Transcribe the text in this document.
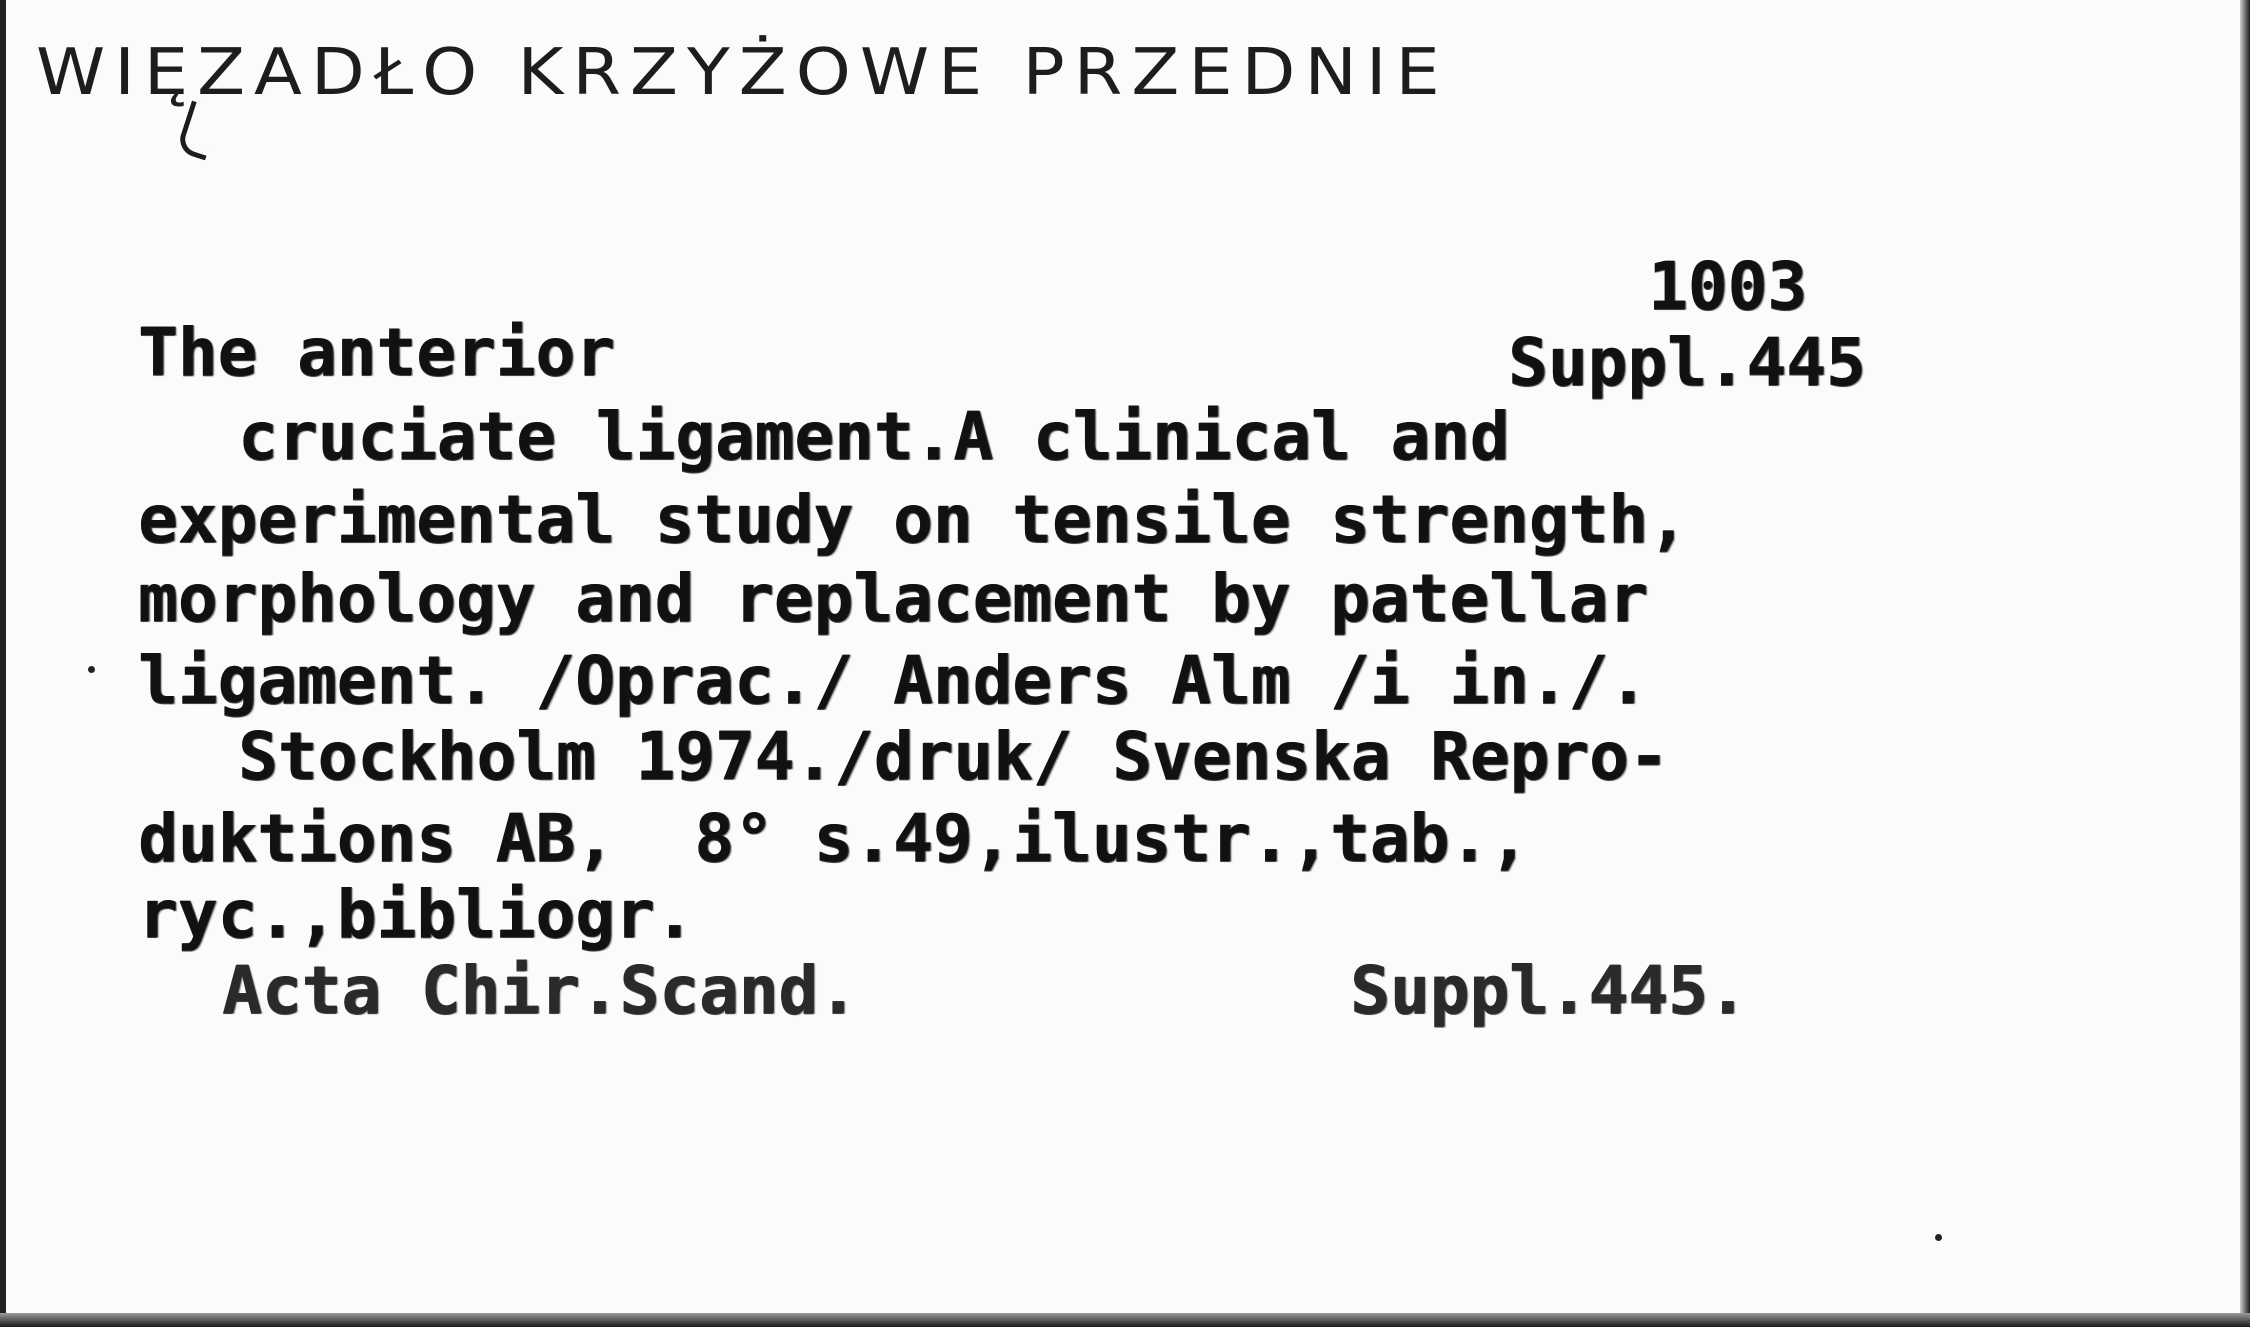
WIĘZADŁO KRZYŻOWE PRZEDNIE
1003
The anterior	Suppl.445
cruciate ligament.A clinical and
experimental study on tensile strength,
morphology and replacement by patellar
ligament. /Oprac./ Anders Alm /i in./.
Stockholm 1974./druk/ Svenska Repro-
duktions AB,  8° s.49,ilustr.,tab.,
ryc.,bibliogr.
Acta Chir.Scand.	Suppl.445.
